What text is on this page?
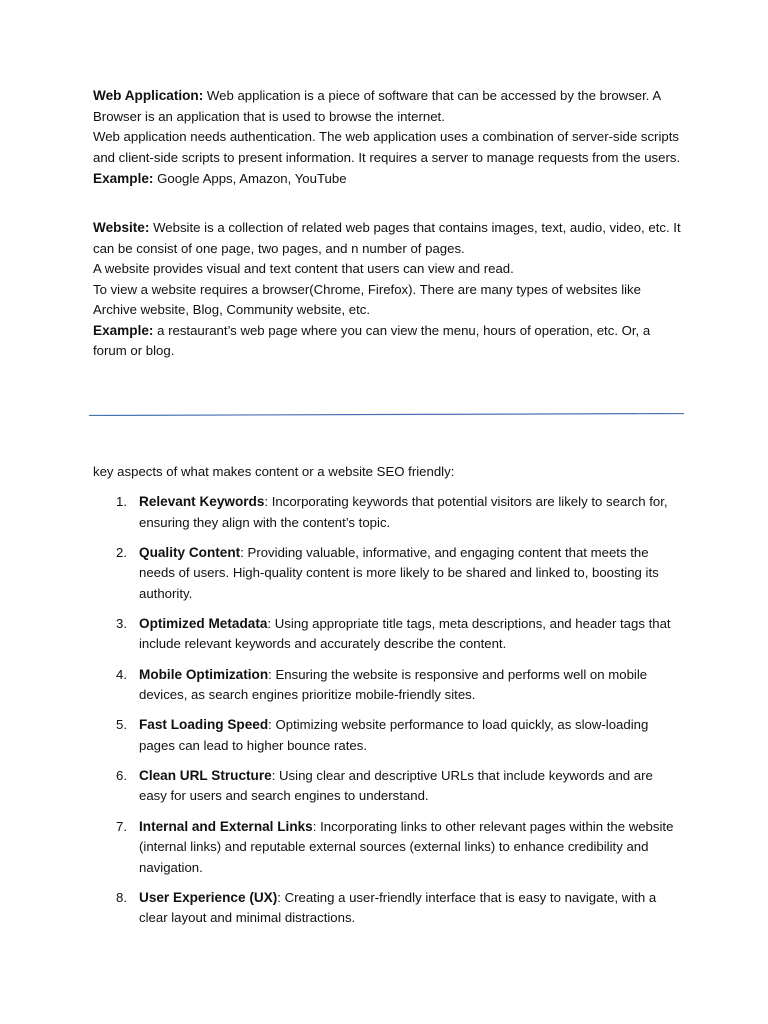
Web Application: Web application is a piece of software that can be accessed by the browser. A Browser is an application that is used to browse the internet.

Web application needs authentication. The web application uses a combination of server-side scripts and client-side scripts to present information. It requires a server to manage requests from the users.

Example: Google Apps, Amazon, YouTube

Website: Website is a collection of related web pages that contains images, text, audio, video, etc. It can be consist of one page, two pages, and n number of pages.

A website provides visual and text content that users can view and read.

To view a website requires a browser(Chrome, Firefox). There are many types of websites like Archive website, Blog, Community website, etc.

Example: a restaurant’s web page where you can view the menu, hours of operation, etc. Or, a forum or blog.

key aspects of what makes content or a website SEO friendly:

1. Relevant Keywords: Incorporating keywords that potential visitors are likely to search for, ensuring they align with the content’s topic.
2. Quality Content: Providing valuable, informative, and engaging content that meets the needs of users. High-quality content is more likely to be shared and linked to, boosting its authority.
3. Optimized Metadata: Using appropriate title tags, meta descriptions, and header tags that include relevant keywords and accurately describe the content.
4. Mobile Optimization: Ensuring the website is responsive and performs well on mobile devices, as search engines prioritize mobile-friendly sites.
5. Fast Loading Speed: Optimizing website performance to load quickly, as slow-loading pages can lead to higher bounce rates.
6. Clean URL Structure: Using clear and descriptive URLs that include keywords and are easy for users and search engines to understand.
7. Internal and External Links: Incorporating links to other relevant pages within the website (internal links) and reputable external sources (external links) to enhance credibility and navigation.
8. User Experience (UX): Creating a user-friendly interface that is easy to navigate, with a clear layout and minimal distractions.
